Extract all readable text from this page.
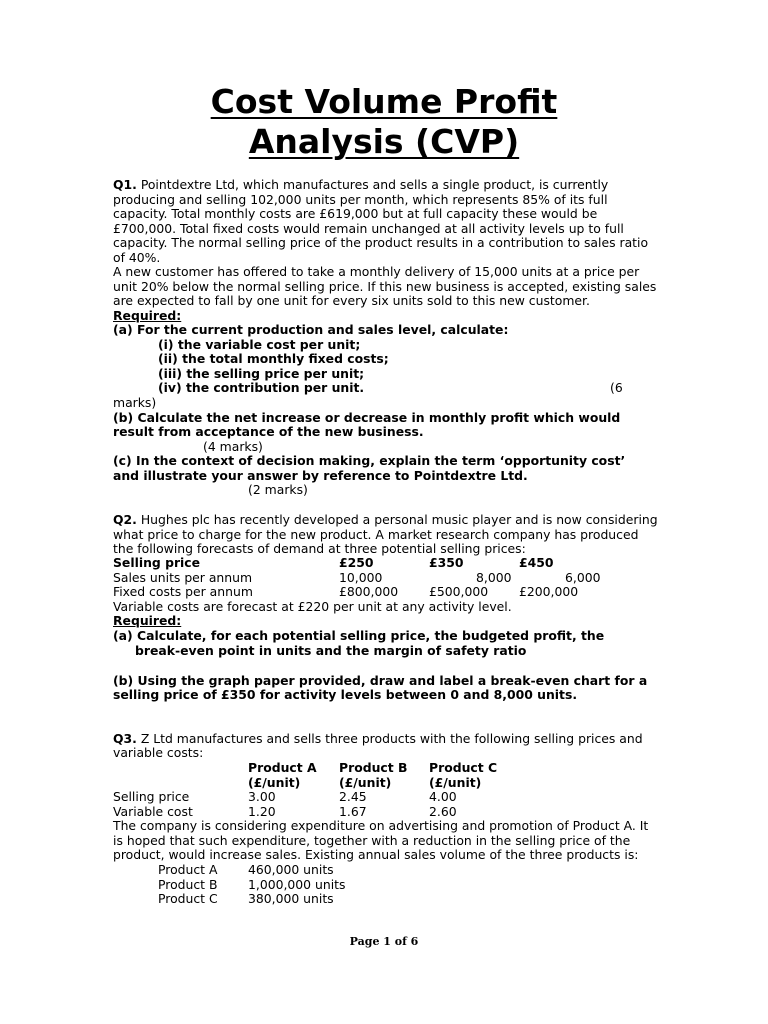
Cost Volume Profit
Analysis (CVP)
Q1. Pointdextre Ltd, which manufactures and sells a single product, is currently producing and selling 102,000 units per month, which represents 85% of its full capacity. Total monthly costs are £619,000 but at full capacity these would be £700,000. Total fixed costs would remain unchanged at all activity levels up to full capacity. The normal selling price of the product results in a contribution to sales ratio of 40%.
A new customer has offered to take a monthly delivery of 15,000 units at a price per unit 20% below the normal selling price. If this new business is accepted, existing sales are expected to fall by one unit for every six units sold to this new customer.
Required:
(a) For the current production and sales level, calculate:
(i) the variable cost per unit;
(ii) the total monthly fixed costs;
(iii) the selling price per unit;
(iv) the contribution per unit.	(6
marks)
(b) Calculate the net increase or decrease in monthly profit which would
result from acceptance of the new business.
(4 marks)
(c) In the context of decision making, explain the term ‘opportunity cost’
and illustrate your answer by reference to Pointdextre Ltd.
(2 marks)
Q2. Hughes plc has recently developed a personal music player and is now considering what price to charge for the new product. A market research company has produced the following forecasts of demand at three potential selling prices:
Selling price	£250	£350	£450
Sales units per annum	10,000	8,000	6,000
Fixed costs per annum	£800,000 £500,000 £200,000
Variable costs are forecast at £220 per unit at any activity level.
Required:
(a) Calculate, for each potential selling price, the budgeted profit, the
break-even point in units and the margin of safety ratio
(b) Using the graph paper provided, draw and label a break-even chart for a
selling price of £350 for activity levels between 0 and 8,000 units.
Q3. Z Ltd manufactures and sells three products with the following selling prices and
variable costs:
Product A Product B Product C
(£/unit)	(£/unit)	(£/unit)
Selling price	3.00	2.45	4.00
Variable cost	1.20	1.67	2.60
The company is considering expenditure on advertising and promotion of Product A. It is hoped that such expenditure, together with a reduction in the selling price of the product, would increase sales. Existing annual sales volume of the three products is:
Product A 460,000 units
Product B 1,000,000 units
Product C 380,000 units
Page 1 of 6
